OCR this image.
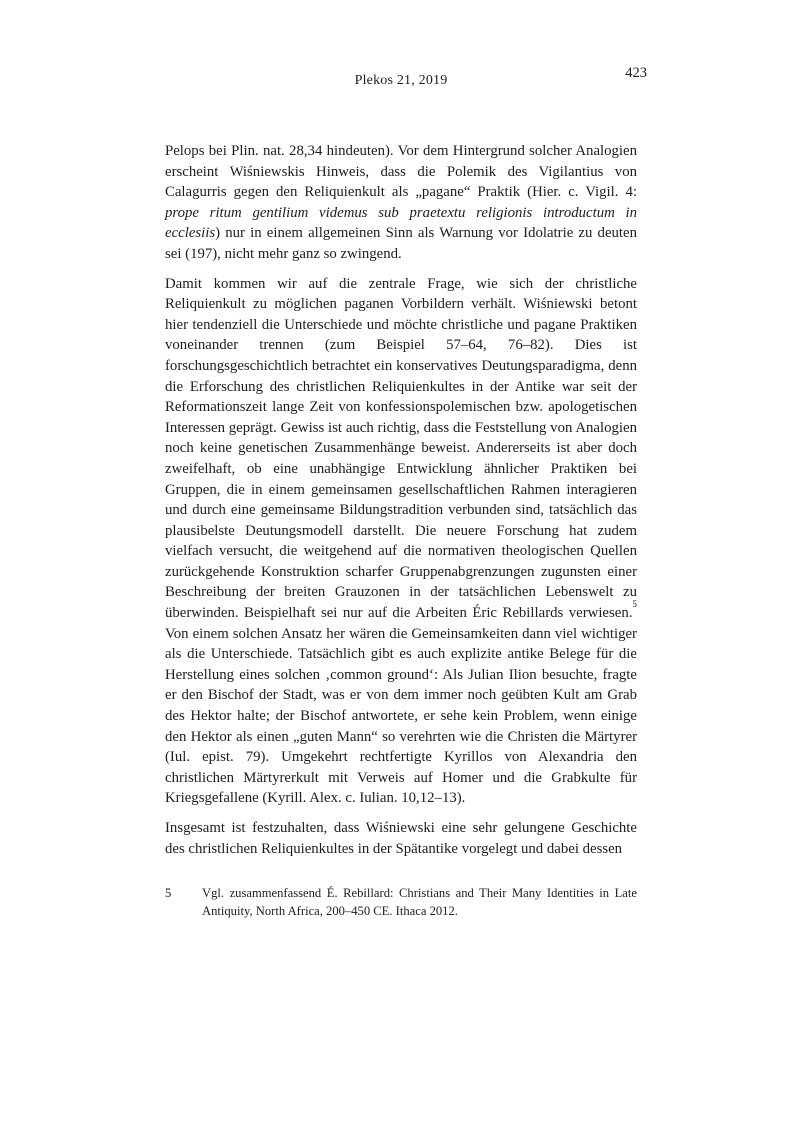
Plekos 21, 2019	423

Pelops bei Plin. nat. 28,34 hindeuten). Vor dem Hintergrund solcher Analogien erscheint Wiśniewskis Hinweis, dass die Polemik des Vigilantius von Calagurris gegen den Reliquienkult als „pagane“ Praktik (Hier. c. Vigil. 4: prope ritum gentilium videmus sub praetextu religionis introductum in ecclesiis) nur in einem allgemeinen Sinn als Warnung vor Idolatrie zu deuten sei (197), nicht mehr ganz so zwingend.

Damit kommen wir auf die zentrale Frage, wie sich der christliche Reliquienkult zu möglichen paganen Vorbildern verhält. Wiśniewski betont hier tendenziell die Unterschiede und möchte christliche und pagane Praktiken voneinander trennen (zum Beispiel 57–64, 76–82). Dies ist forschungsgeschichtlich betrachtet ein konservatives Deutungsparadigma, denn die Erforschung des christlichen Reliquienkultes in der Antike war seit der Reformationszeit lange Zeit von konfessionspolemischen bzw. apologetischen Interessen geprägt. Gewiss ist auch richtig, dass die Feststellung von Analogien noch keine genetischen Zusammenhänge beweist. Andererseits ist aber doch zweifelhaft, ob eine unabhängige Entwicklung ähnlicher Praktiken bei Gruppen, die in einem gemeinsamen gesellschaftlichen Rahmen interagieren und durch eine gemeinsame Bildungstradition verbunden sind, tatsächlich das plausibelste Deutungsmodell darstellt. Die neuere Forschung hat zudem vielfach versucht, die weitgehend auf die normativen theologischen Quellen zurückgehende Konstruktion scharfer Gruppenabgrenzungen zugunsten einer Beschreibung der breiten Grauzonen in der tatsächlichen Lebenswelt zu überwinden. Beispielhaft sei nur auf die Arbeiten Éric Rebillards verwiesen.$^5$ Von einem solchen Ansatz her wären die Gemeinsamkeiten dann viel wichtiger als die Unterschiede. Tatsächlich gibt es auch explizite antike Belege für die Herstellung eines solchen ‚common ground‘: Als Julian Ilion besuchte, fragte er den Bischof der Stadt, was er von dem immer noch geübten Kult am Grab des Hektor halte; der Bischof antwortete, er sehe kein Problem, wenn einige den Hektor als einen „guten Mann“ so verehrten wie die Christen die Märtyrer (Iul. epist. 79). Umgekehrt rechtfertigte Kyrillos von Alexandria den christlichen Märtyrerkult mit Verweis auf Homer und die Grabkulte für Kriegsgefallene (Kyrill. Alex. c. Iulian. 10,12–13).

Insgesamt ist festzuhalten, dass Wiśniewski eine sehr gelungene Geschichte des christlichen Reliquienkultes in der Spätantike vorgelegt und dabei dessen

5	Vgl. zusammenfassend É. Rebillard: Christians and Their Many Identities in Late Antiquity, North Africa, 200–450 CE. Ithaca 2012.
